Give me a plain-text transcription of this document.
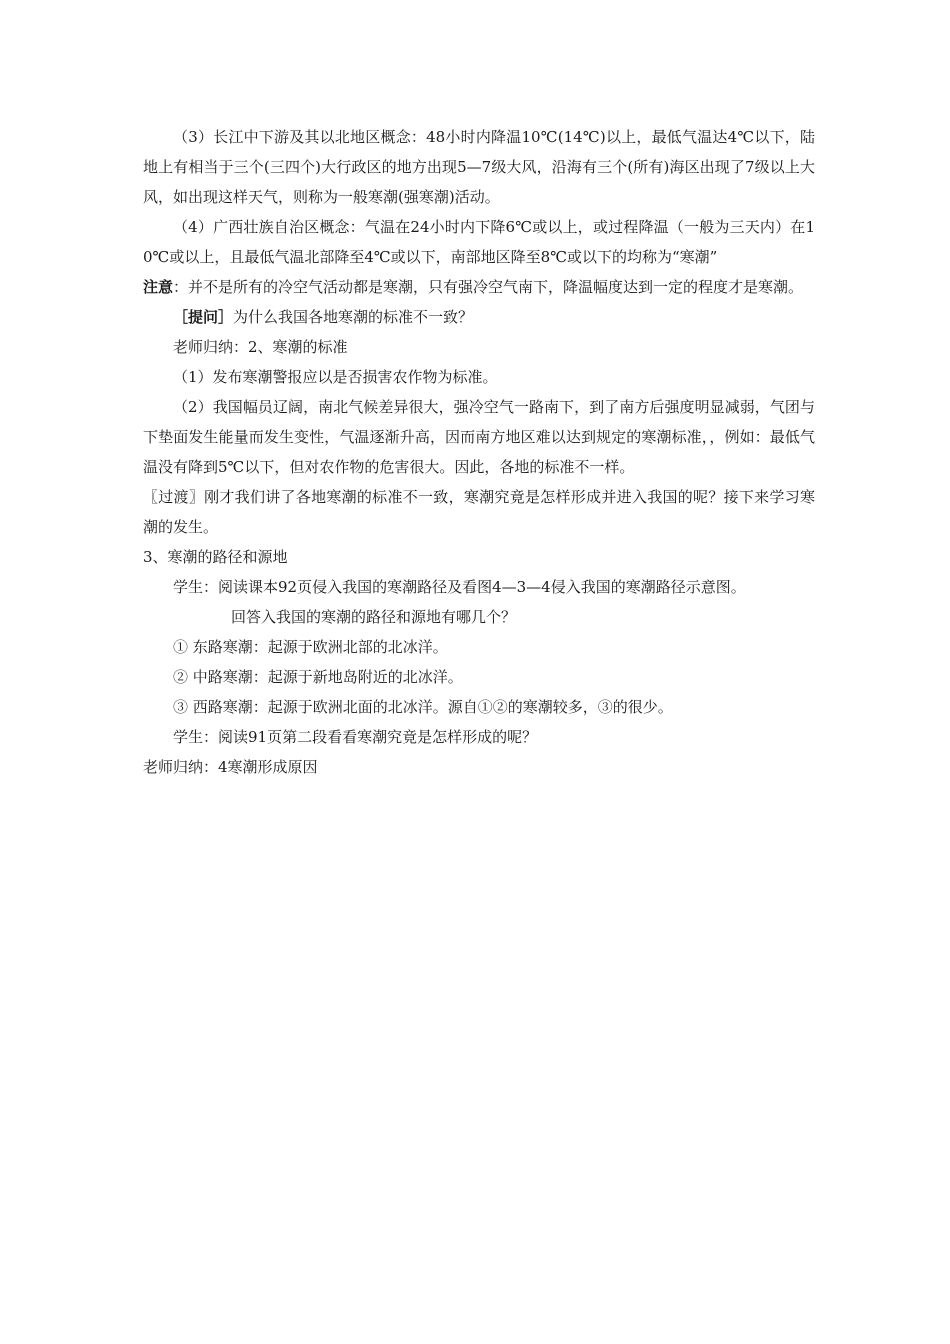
（3）长江中下游及其以北地区概念：48小时内降温10℃(14℃)以上，最低气温达4℃以下，陆地上有相当于三个(三四个)大行政区的地方出现5—7级大风，沿海有三个(所有)海区出现了7级以上大风，如出现这样天气，则称为一般寒潮(强寒潮)活动。

（4）广西壮族自治区概念：气温在24小时内下降6℃或以上，或过程降温（一般为三天内）在10℃或以上，且最低气温北部降至4℃或以下，南部地区降至8℃或以下的均称为“寒潮”

注意：并不是所有的冷空气活动都是寒潮，只有强冷空气南下，降温幅度达到一定的程度才是寒潮。

［提问］为什么我国各地寒潮的标准不一致？

老师归纳：2、寒潮的标准

（1）发布寒潮警报应以是否损害农作物为标准。

（2）我国幅员辽阔，南北气候差异很大，强冷空气一路南下，到了南方后强度明显减弱，气团与下垫面发生能量而发生变性，气温逐渐升高，因而南方地区难以达到规定的寒潮标准，，例如：最低气温没有降到5℃以下，但对农作物的危害很大。因此，各地的标准不一样。

〖过渡〗刚才我们讲了各地寒潮的标准不一致，寒潮究竟是怎样形成并进入我国的呢？接下来学习寒潮的发生。

3、寒潮的路径和源地

学生：阅读课本92页侵入我国的寒潮路径及看图4—3—4侵入我国的寒潮路径示意图。

回答入我国的寒潮的路径和源地有哪几个？

① 东路寒潮：起源于欧洲北部的北冰洋。

② 中路寒潮：起源于新地岛附近的北冰洋。

③ 西路寒潮：起源于欧洲北面的北冰洋。源自①②的寒潮较多，③的很少。

学生：阅读91页第二段看看寒潮究竟是怎样形成的呢？

老师归纳：4寒潮形成原因
